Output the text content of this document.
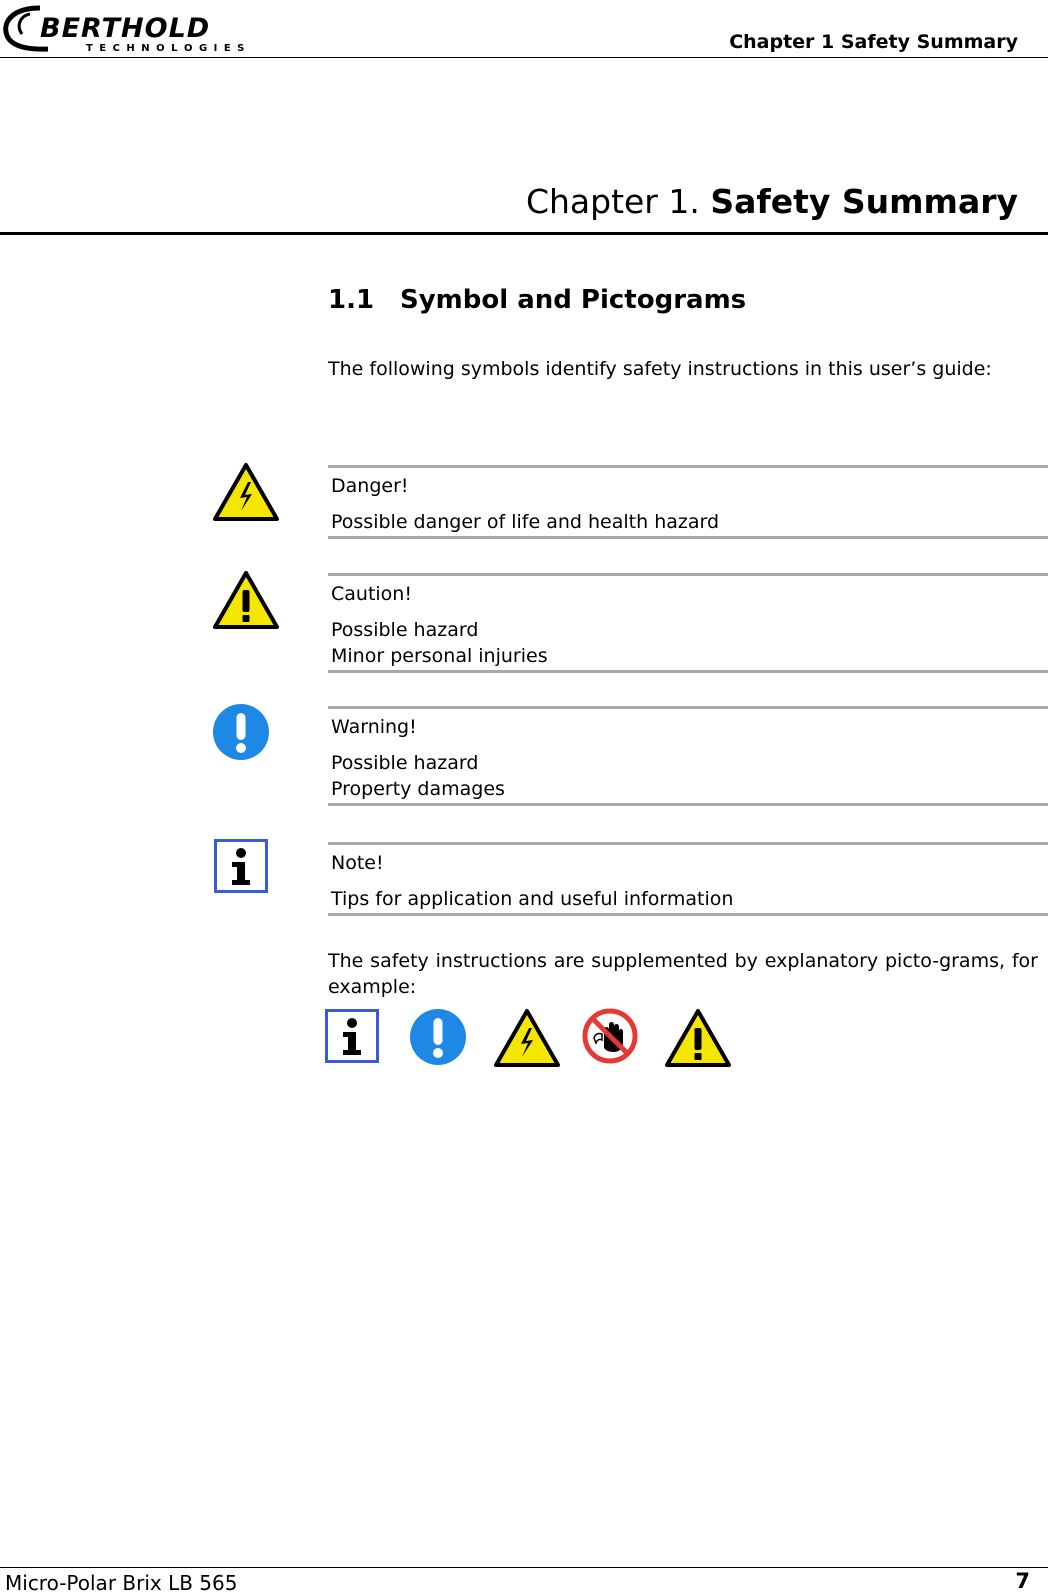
BERTHOLD
T E C H N O L O G I E S	Chapter 1 Safety Summary
Chapter 1. Safety Summary
1.1 Symbol and Pictograms
The following symbols identify safety instructions in this user’s guide:
Danger!
Possible danger of life and health hazard
Caution!
Possible hazard
Minor personal injuries
Warning!
Possible hazard
Property damages
Note!
Tips for application and useful information
The safety instructions are supplemented by explanatory picto-grams, for example:
Micro-Polar Brix LB 565	7
